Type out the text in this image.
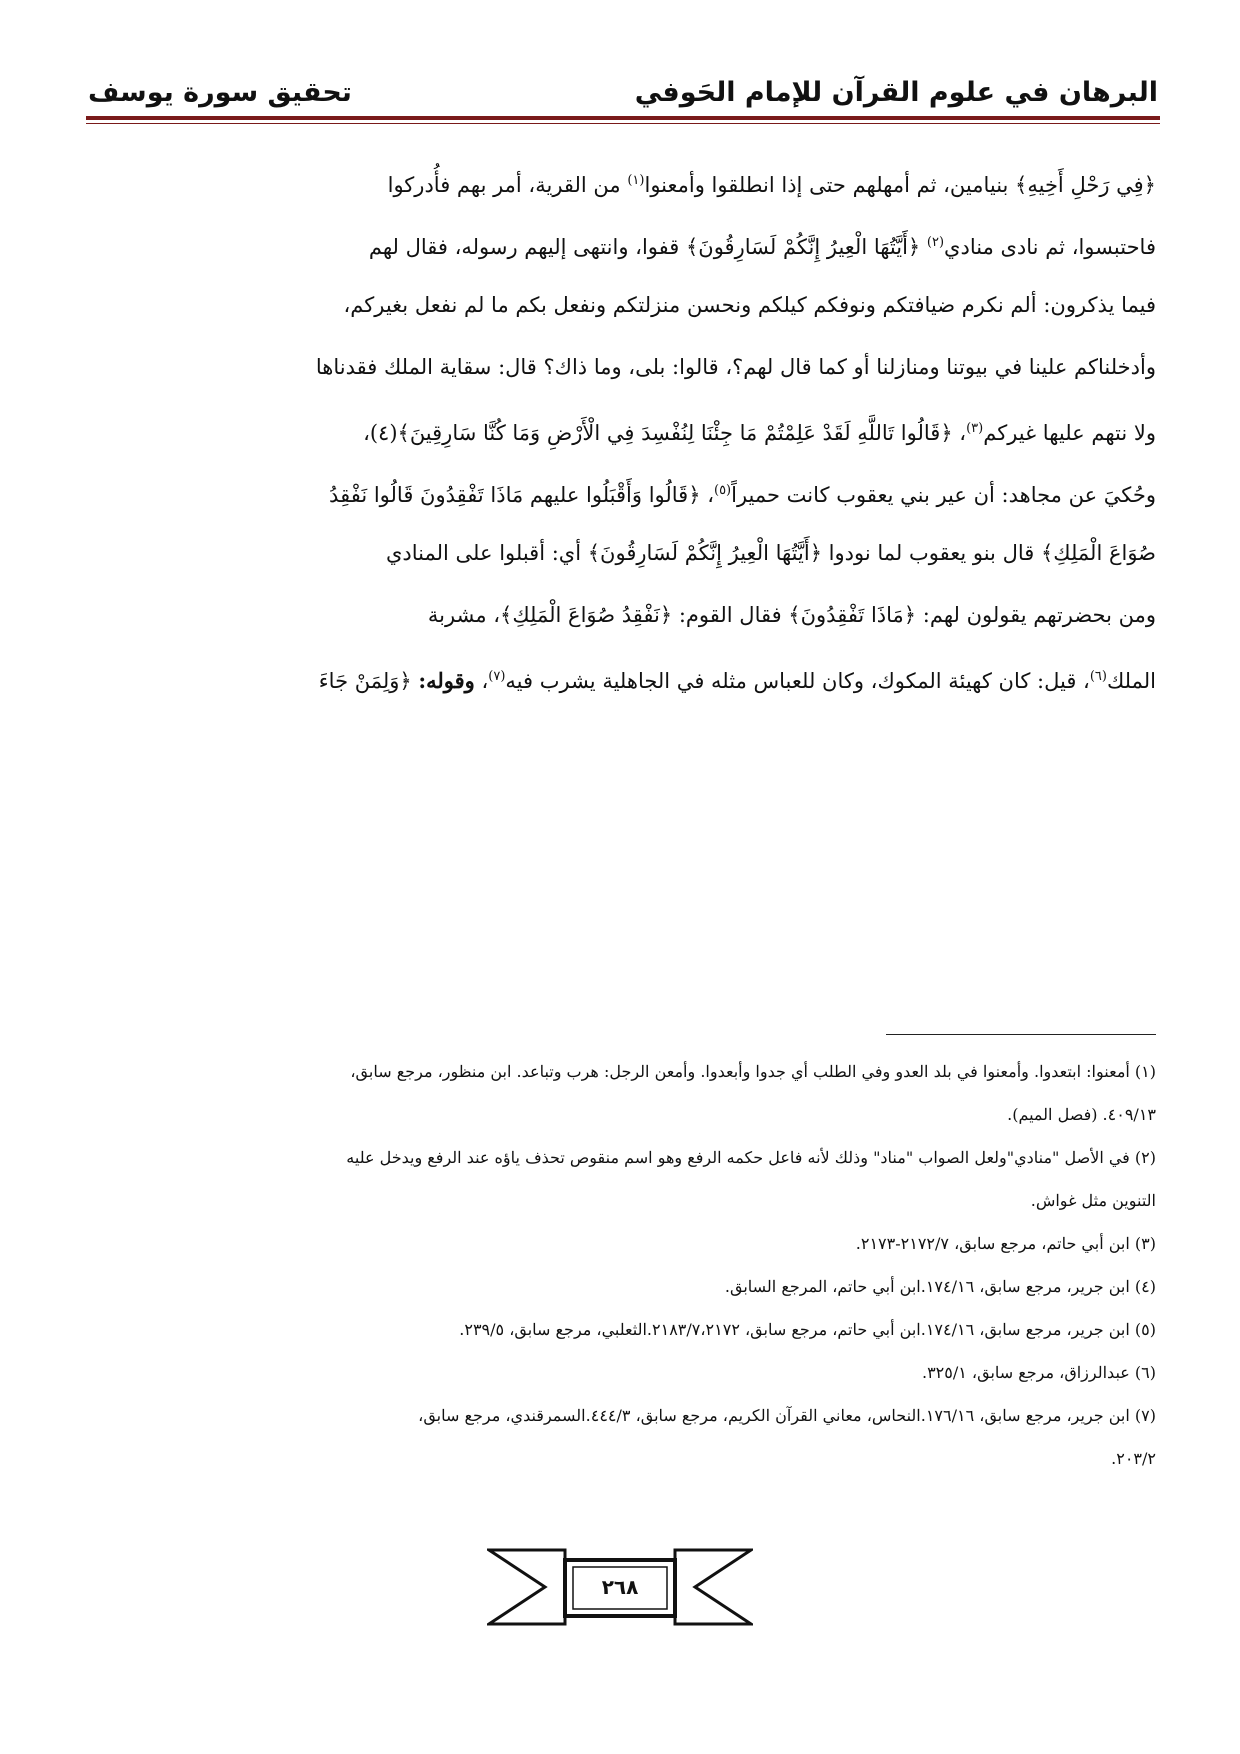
البرهان في علوم القرآن للإمام الحَوفي
تحقيق سورة يوسف
﴿فِي رَحْلِ أَخِيهِ﴾ بنيامين، ثم أمهلهم حتى إذا انطلقوا وأمعنوا$^{(١)}$ من القرية، أمر بهم فأُدركوا
فاحتبسوا، ثم نادى منادي$^{(٢)}$ ﴿أَيَّتُهَا الْعِيرُ إِنَّكُمْ لَسَارِقُونَ﴾ قفوا، وانتهى إليهم رسوله، فقال لهم
فيما يذكرون: ألم نكرم ضيافتكم ونوفكم كيلكم ونحسن منزلتكم ونفعل بكم ما لم نفعل بغيركم،
وأدخلناكم علينا في بيوتنا ومنازلنا أو كما قال لهم؟، قالوا: بلى، وما ذاك؟ قال: سقاية الملك فقدناها
ولا نتهم عليها غيركم$^{(٣)}$، ﴿قَالُوا تَاللَّهِ لَقَدْ عَلِمْتُمْ مَا جِئْنَا لِنُفْسِدَ فِي الْأَرْضِ وَمَا كُنَّا سَارِقِينَ﴾(٤)،
وحُكيَ عن مجاهد: أن عير بني يعقوب كانت حميراً$^{(٥)}$، ﴿قَالُوا وَأَقْبَلُوا عليهم مَاذَا تَفْقِدُونَ قَالُوا نَفْقِدُ
صُوَاعَ الْمَلِكِ﴾ قال بنو يعقوب لما نودوا ﴿أَيَّتُهَا الْعِيرُ إِنَّكُمْ لَسَارِقُونَ﴾ أي: أقبلوا على المنادي
ومن بحضرتهم يقولون لهم: ﴿مَاذَا تَفْقِدُونَ﴾ فقال القوم: ﴿نَفْقِدُ صُوَاعَ الْمَلِكِ﴾، مشربة
الملك$^{(٦)}$، قيل: كان كهيئة المكوك، وكان للعباس مثله في الجاهلية يشرب فيه$^{(٧)}$، وقوله: ﴿وَلِمَنْ جَاءَ
(١) أمعنوا: ابتعدوا. وأمعنوا في بلد العدو وفي الطلب أي جدوا وأبعدوا. وأمعن الرجل: هرب وتباعد. ابن منظور، مرجع سابق،
٤٠٩/١٣. (فصل الميم).
(٢) في الأصل "منادي"ولعل الصواب "مناد" وذلك لأنه فاعل حكمه الرفع وهو اسم منقوص تحذف ياؤه عند الرفع ويدخل عليه
التنوين مثل غواش.
(٣) ابن أبي حاتم، مرجع سابق، ٢١٧٢/٧-٢١٧٣.
(٤) ابن جرير، مرجع سابق، ١٧٤/١٦.ابن أبي حاتم، المرجع السابق.
(٥) ابن جرير، مرجع سابق، ١٧٤/١٦.ابن أبي حاتم، مرجع سابق، ٢١٨٣/٧،٢١٧٢.الثعلبي، مرجع سابق، ٢٣٩/٥.
(٦) عبدالرزاق، مرجع سابق، ٣٢٥/١.
(٧) ابن جرير، مرجع سابق، ١٧٦/١٦.النحاس، معاني القرآن الكريم، مرجع سابق، ٤٤٤/٣.السمرقندي، مرجع سابق،
٢٠٣/٢.
٢٦٨
